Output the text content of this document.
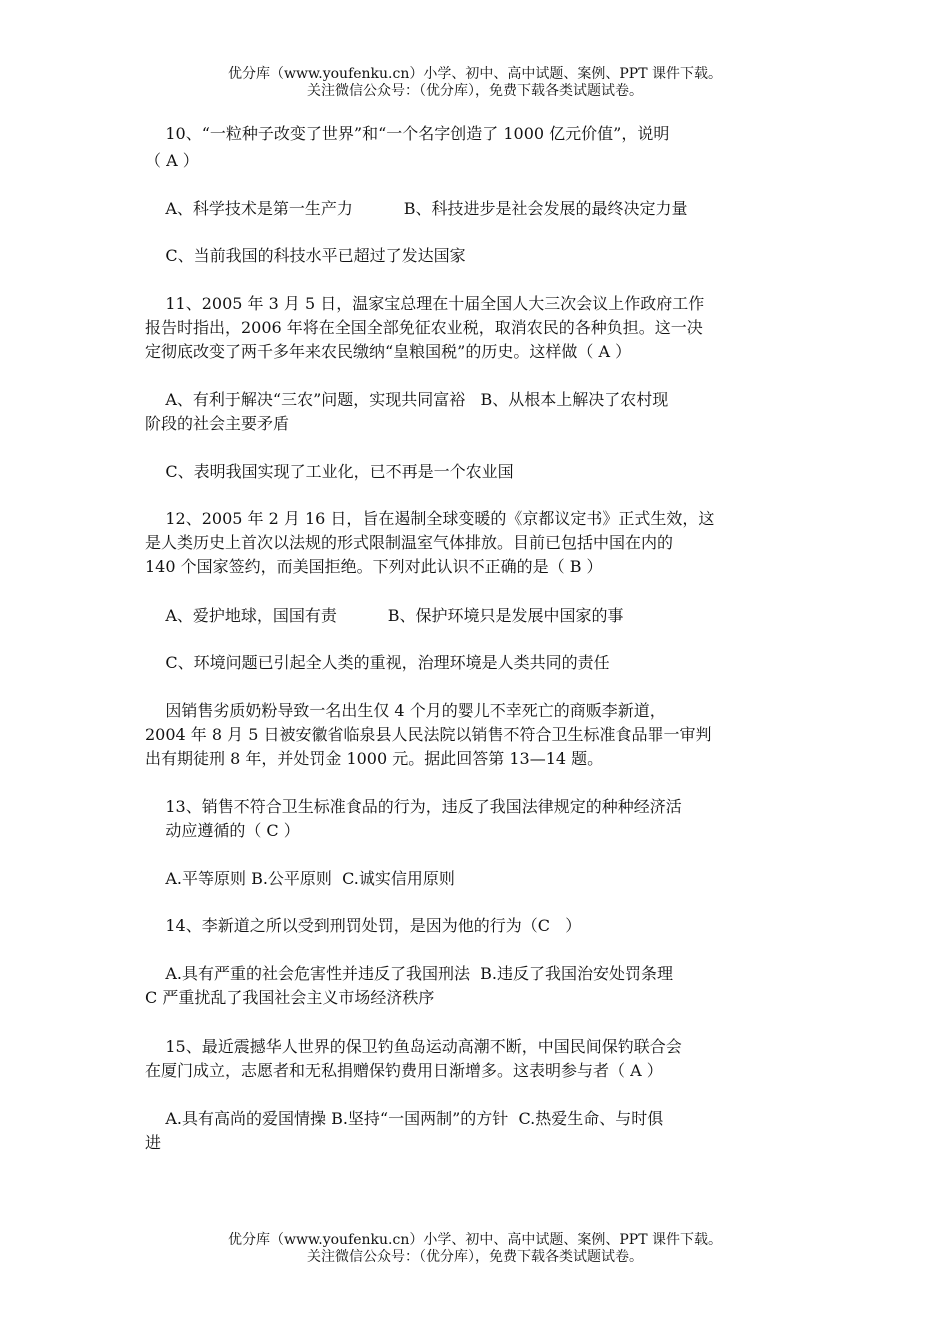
优分库（www.youfenku.cn）小学、初中、高中试题、案例、PPT 课件下载。
关注微信公众号：（优分库），免费下载各类试题试卷。

10、“一粒种子改变了世界”和“一个名字创造了 1000 亿元价值”，说明

（ A ）

A、科学技术是第一生产力          B、科技进步是社会发展的最终决定力量

C、当前我国的科技水平已超过了发达国家

11、2005 年 3 月 5 日，温家宝总理在十届全国人大三次会议上作政府工作

报告时指出，2006 年将在全国全部免征农业税，取消农民的各种负担。这一决

定彻底改变了两千多年来农民缴纳“皇粮国税”的历史。这样做（ A ）

A、有利于解决“三农”问题，实现共同富裕   B、从根本上解决了农村现

阶段的社会主要矛盾

C、表明我国实现了工业化，已不再是一个农业国

12、2005 年 2 月 16 日，旨在遏制全球变暖的《京都议定书》正式生效，这

是人类历史上首次以法规的形式限制温室气体排放。目前已包括中国在内的

140 个国家签约，而美国拒绝。下列对此认识不正确的是（ B ）

A、爱护地球，国国有责          B、保护环境只是发展中国家的事

C、环境问题已引起全人类的重视，治理环境是人类共同的责任

因销售劣质奶粉导致一名出生仅 4 个月的婴儿不幸死亡的商贩李新道，

2004 年 8 月 5 日被安徽省临泉县人民法院以销售不符合卫生标准食品罪一审判

出有期徒刑 8 年，并处罚金 1000 元。据此回答第 13—14 题。

13、销售不符合卫生标准食品的行为，违反了我国法律规定的种种经济活

动应遵循的（ C ）

A.平等原则 B.公平原则  C.诚实信用原则

14、李新道之所以受到刑罚处罚，是因为他的行为（C   ）

A.具有严重的社会危害性并违反了我国刑法  B.违反了我国治安处罚条理

C 严重扰乱了我国社会主义市场经济秩序

15、最近震撼华人世界的保卫钓鱼岛运动高潮不断，中国民间保钓联合会

在厦门成立，志愿者和无私捐赠保钓费用日渐增多。这表明参与者（ A ）

A.具有高尚的爱国情操 B.坚持“一国两制”的方针  C.热爱生命、与时俱

进

优分库（www.youfenku.cn）小学、初中、高中试题、案例、PPT 课件下载。
关注微信公众号：（优分库），免费下载各类试题试卷。
